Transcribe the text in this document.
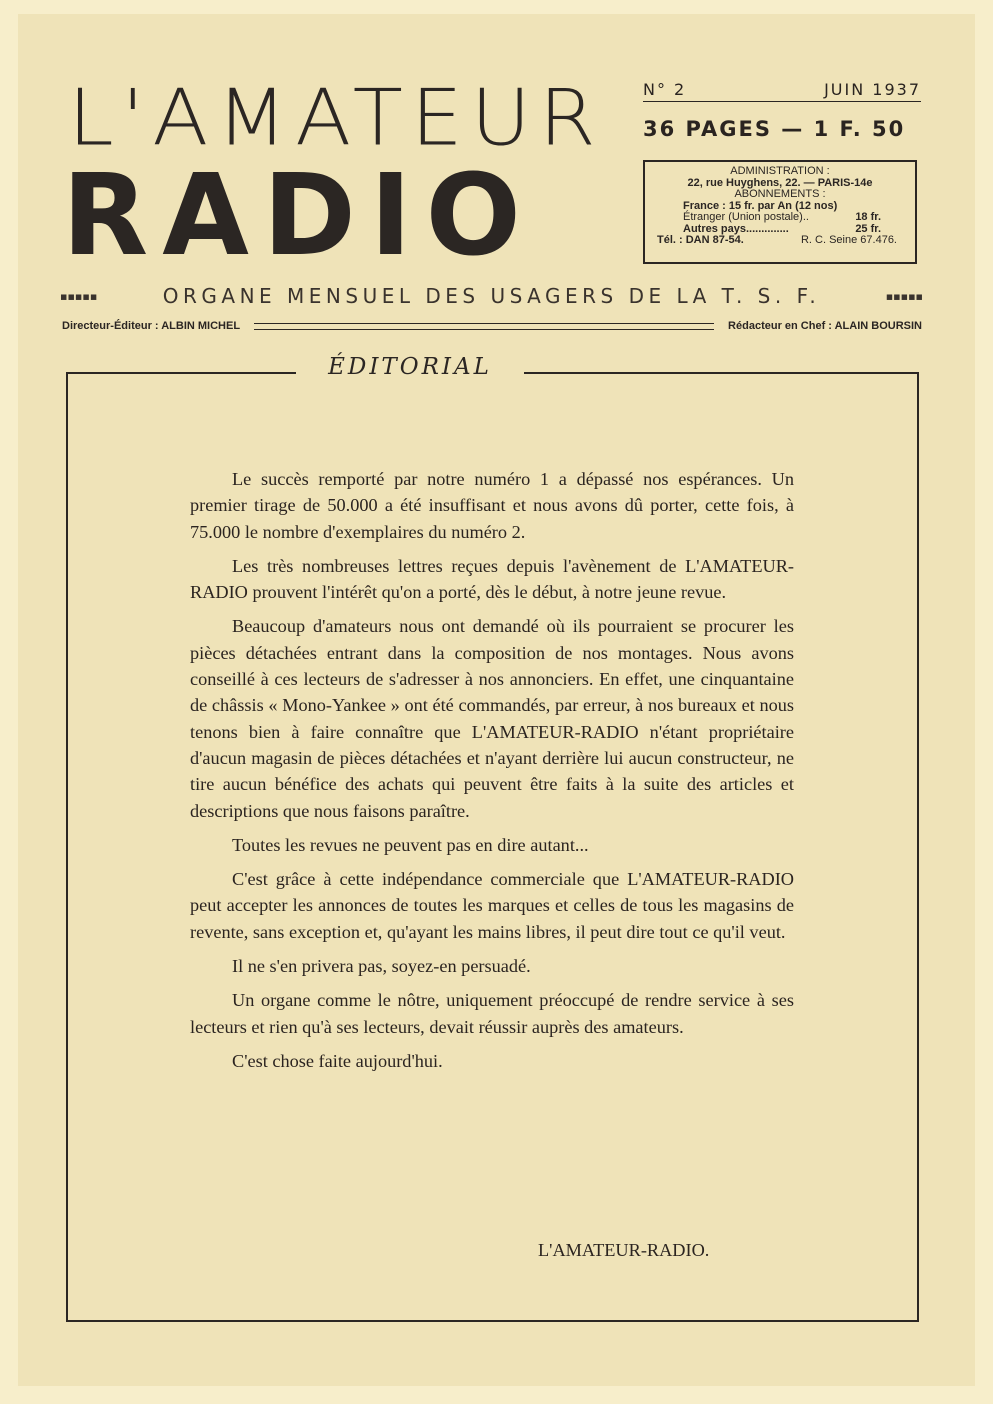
L'AMATEUR
RADIO
N° 2	JUIN 1937
36 PAGES — 1 F. 50
ADMINISTRATION :
22, rue Huyghens, 22. — PARIS-14e
ABONNEMENTS :
France : 15 fr. par An (12 nos)
Étranger (Union postale)..	18 fr.
Autres pays..............	25 fr.
Tél. : DAN 87-54.	R. C. Seine 67.476.
▪▪▪▪▪	ORGANE MENSUEL DES USAGERS DE LA T. S. F.	▪▪▪▪▪
Directeur-Éditeur : ALBIN MICHEL	Rédacteur en Chef : ALAIN BOURSIN
ÉDITORIAL

Le succès remporté par notre numéro 1 a dépassé nos espérances. Un premier tirage de 50.000 a été insuffisant et nous avons dû porter, cette fois, à 75.000 le nombre d'exemplaires du numéro 2.

Les très nombreuses lettres reçues depuis l'avènement de L'AMATEUR-RADIO prouvent l'intérêt qu'on a porté, dès le début, à notre jeune revue.

Beaucoup d'amateurs nous ont demandé où ils pourraient se procurer les pièces détachées entrant dans la composition de nos montages. Nous avons conseillé à ces lecteurs de s'adresser à nos annonciers. En effet, une cinquantaine de châssis « Mono-Yankee » ont été commandés, par erreur, à nos bureaux et nous tenons bien à faire connaître que L'AMATEUR-RADIO n'étant propriétaire d'aucun magasin de pièces détachées et n'ayant derrière lui aucun constructeur, ne tire aucun bénéfice des achats qui peuvent être faits à la suite des articles et descriptions que nous faisons paraître.

Toutes les revues ne peuvent pas en dire autant...

C'est grâce à cette indépendance commerciale que L'AMATEUR-RADIO peut accepter les annonces de toutes les marques et celles de tous les magasins de revente, sans exception et, qu'ayant les mains libres, il peut dire tout ce qu'il veut.

Il ne s'en privera pas, soyez-en persuadé.

Un organe comme le nôtre, uniquement préoccupé de rendre service à ses lecteurs et rien qu'à ses lecteurs, devait réussir auprès des amateurs.

C'est chose faite aujourd'hui.

L'AMATEUR-RADIO.
